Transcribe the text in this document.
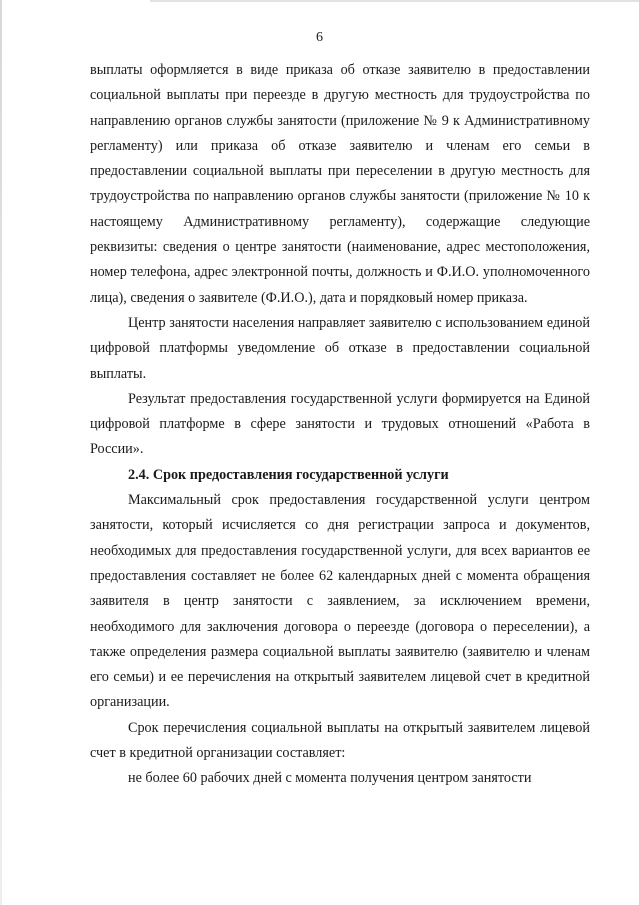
6

выплаты оформляется в виде приказа об отказе заявителю в предоставлении социальной выплаты при переезде в другую местность для трудоустройства по направлению органов службы занятости (приложение № 9 к Административному регламенту) или приказа об отказе заявителю и членам его семьи в предоставлении социальной выплаты при переселении в другую местность для трудоустройства по направлению органов службы занятости (приложение № 10 к настоящему Административному регламенту), содержащие следующие реквизиты: сведения о центре занятости (наименование, адрес местоположения, номер телефона, адрес электронной почты, должность и Ф.И.О. уполномоченного лица), сведения о заявителе (Ф.И.О.), дата и порядковый номер приказа.

Центр занятости населения направляет заявителю с использованием единой цифровой платформы уведомление об отказе в предоставлении социальной выплаты.

Результат предоставления государственной услуги формируется на Единой цифровой платформе в сфере занятости и трудовых отношений «Работа в России».

2.4. Срок предоставления государственной услуги

Максимальный срок предоставления государственной услуги центром занятости, который исчисляется со дня регистрации запроса и документов, необходимых для предоставления государственной услуги, для всех вариантов ее предоставления составляет не более 62 календарных дней с момента обращения заявителя в центр занятости с заявлением, за исключением времени, необходимого для заключения договора о переезде (договора о переселении), а также определения размера социальной выплаты заявителю (заявителю и членам его семьи) и ее перечисления на открытый заявителем лицевой счет в кредитной организации.

Срок перечисления социальной выплаты на открытый заявителем лицевой счет в кредитной организации составляет:

не более 60 рабочих дней с момента получения центром занятости
